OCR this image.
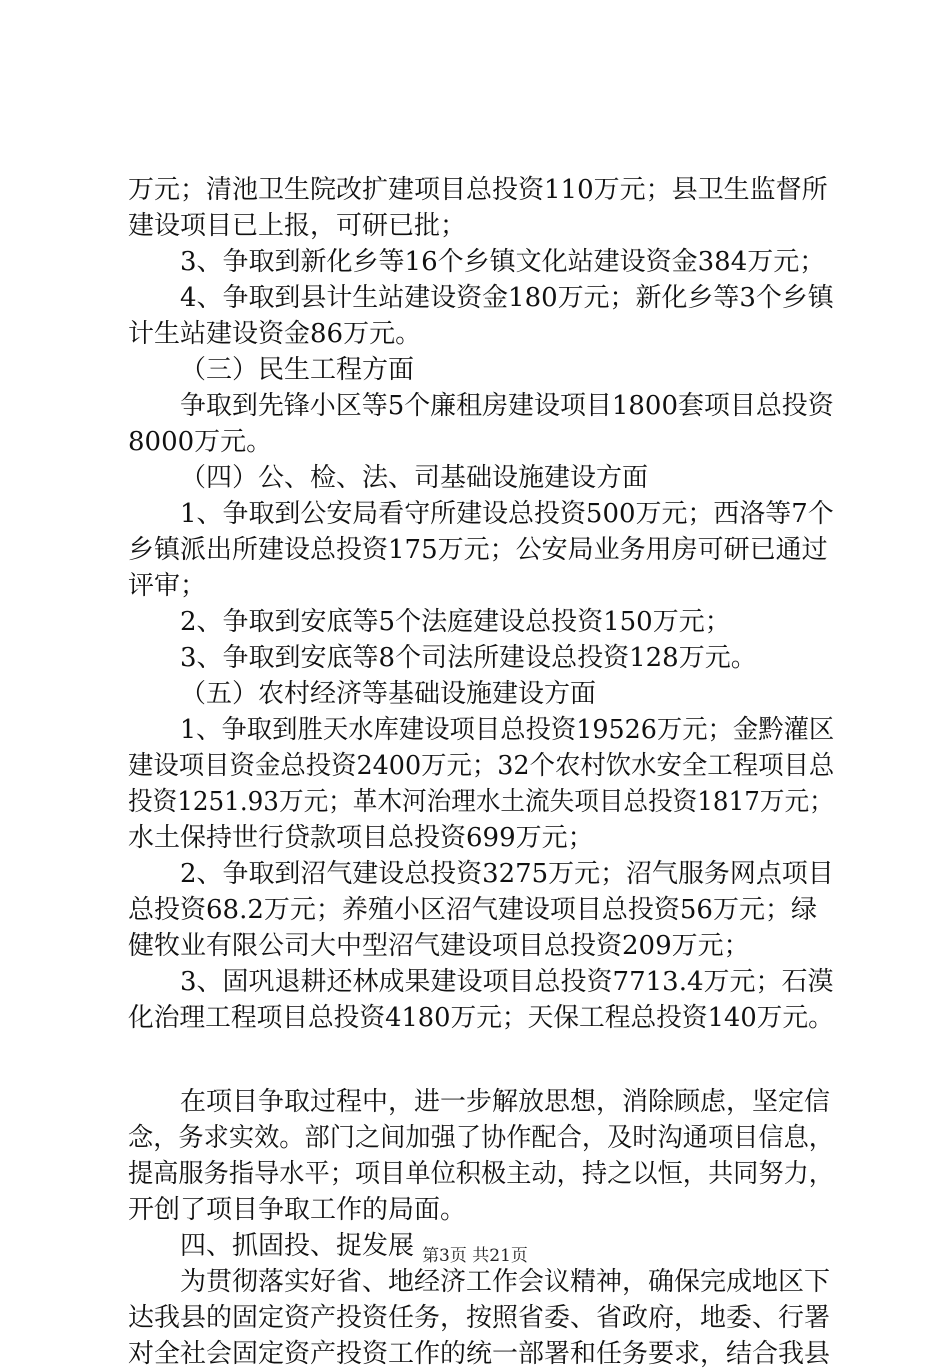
万元；清池卫生院改扩建项目总投资110万元；县卫生监督所
建设项目已上报，可研已批；
3、争取到新化乡等16个乡镇文化站建设资金384万元；
4、争取到县计生站建设资金180万元；新化乡等3个乡镇
计生站建设资金86万元。
（三）民生工程方面
争取到先锋小区等5个廉租房建设项目1800套项目总投资
8000万元。
（四）公、检、法、司基础设施建设方面
1、争取到公安局看守所建设总投资500万元；西洛等7个
乡镇派出所建设总投资175万元；公安局业务用房可研已通过
评审；
2、争取到安底等5个法庭建设总投资150万元；
3、争取到安底等8个司法所建设总投资128万元。
（五）农村经济等基础设施建设方面
1、争取到胜天水库建设项目总投资19526万元；金黔灌区
建设项目资金总投资2400万元；32个农村饮水安全工程项目总
投资1251.93万元；革木河治理水土流失项目总投资1817万元；
水土保持世行贷款项目总投资699万元；
2、争取到沼气建设总投资3275万元；沼气服务网点项目
总投资68.2万元；养殖小区沼气建设项目总投资56万元；绿
健牧业有限公司大中型沼气建设项目总投资209万元；
3、固巩退耕还林成果建设项目总投资7713.4万元；石漠
化治理工程项目总投资4180万元；天保工程总投资140万元。
在项目争取过程中，进一步解放思想，消除顾虑，坚定信
念，务求实效。部门之间加强了协作配合，及时沟通项目信息，
提高服务指导水平；项目单位积极主动，持之以恒，共同努力，
开创了项目争取工作的局面。
四、抓固投、捉发展
为贯彻落实好省、地经济工作会议精神，确保完成地区下
达我县的固定资产投资任务，按照省委、省政府，地委、行署
对全社会固定资产投资工作的统一部署和任务要求，结合我县
第3页 共21页
